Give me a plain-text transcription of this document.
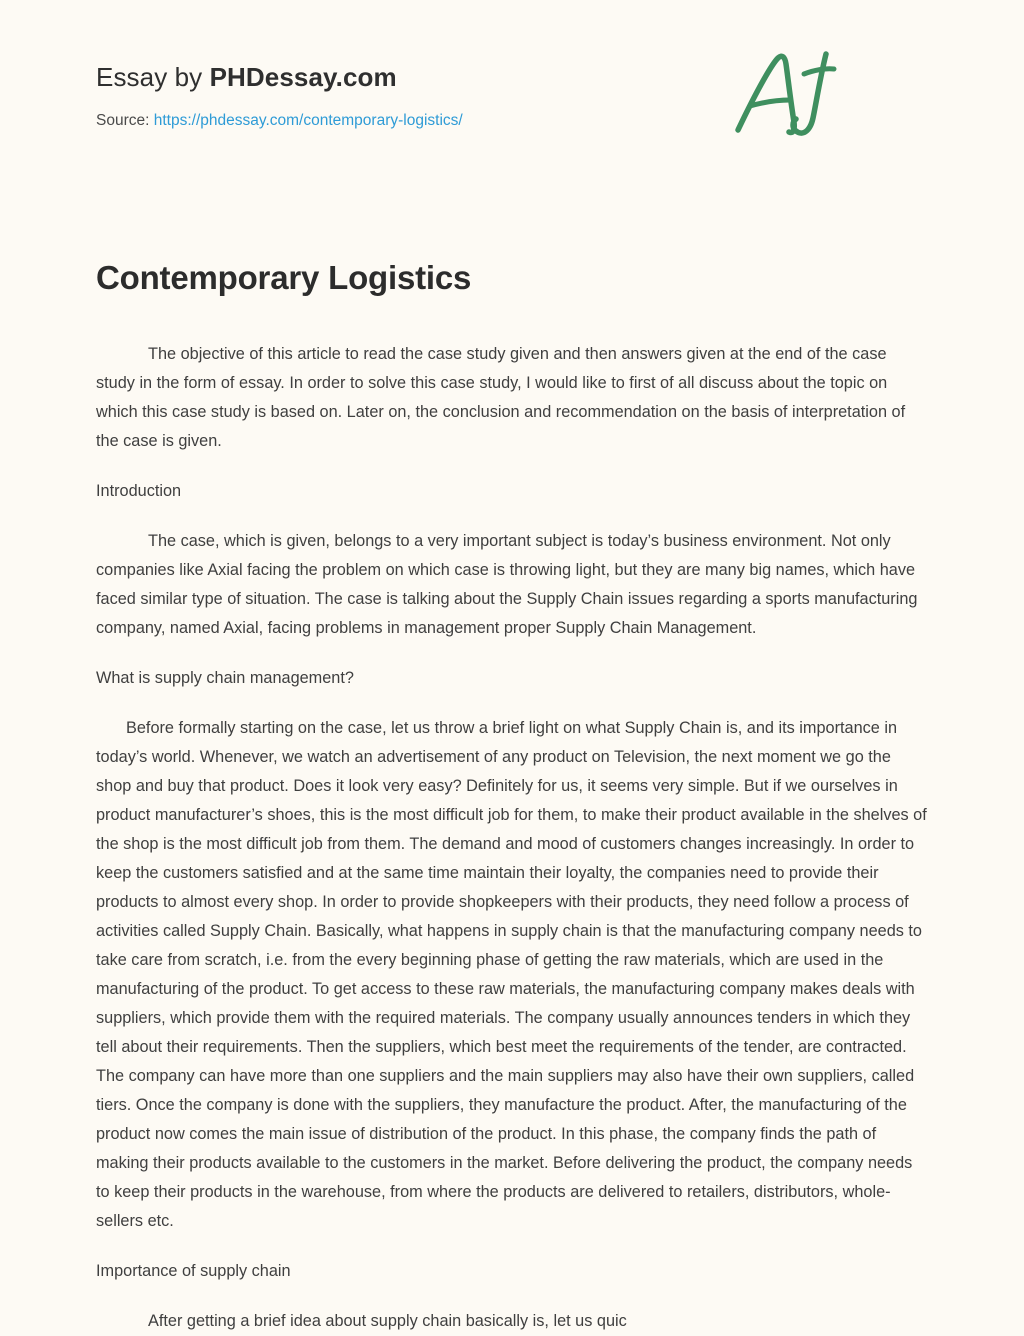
Essay by PHDessay.com

Source: https://phdessay.com/contemporary-logistics/
Contemporary Logistics

The objective of this article to read the case study given and then answers given at the end of the case study in the form of essay. In order to solve this case study, I would like to first of all discuss about the topic on which this case study is based on. Later on, the conclusion and recommendation on the basis of interpretation of the case is given.

Introduction

The case, which is given, belongs to a very important subject is today’s business environment. Not only companies like Axial facing the problem on which case is throwing light, but they are many big names, which have faced similar type of situation. The case is talking about the Supply Chain issues regarding a sports manufacturing company, named Axial, facing problems in management proper Supply Chain Management.

What is supply chain management?

Before formally starting on the case, let us throw a brief light on what Supply Chain is, and its importance in today’s world. Whenever, we watch an advertisement of any product on Television, the next moment we go the shop and buy that product. Does it look very easy? Definitely for us, it seems very simple. But if we ourselves in product manufacturer’s shoes, this is the most difficult job for them, to make their product available in the shelves of the shop is the most difficult job from them. The demand and mood of customers changes increasingly. In order to keep the customers satisfied and at the same time maintain their loyalty, the companies need to provide their products to almost every shop. In order to provide shopkeepers with their products, they need follow a process of activities called Supply Chain. Basically, what happens in supply chain is that the manufacturing company needs to take care from scratch, i.e. from the every beginning phase of getting the raw materials, which are used in the manufacturing of the product. To get access to these raw materials, the manufacturing company makes deals with suppliers, which provide them with the required materials. The company usually announces tenders in which they tell about their requirements. Then the suppliers, which best meet the requirements of the tender, are contracted. The company can have more than one suppliers and the main suppliers may also have their own suppliers, called tiers. Once the company is done with the suppliers, they manufacture the product. After, the manufacturing of the product now comes the main issue of distribution of the product. In this phase, the company finds the path of making their products available to the customers in the market. Before delivering the product, the company needs to keep their products in the warehouse, from where the products are delivered to retailers, distributors, whole-sellers etc.

Importance of supply chain

After getting a brief idea about supply chain basically is, let us quic
